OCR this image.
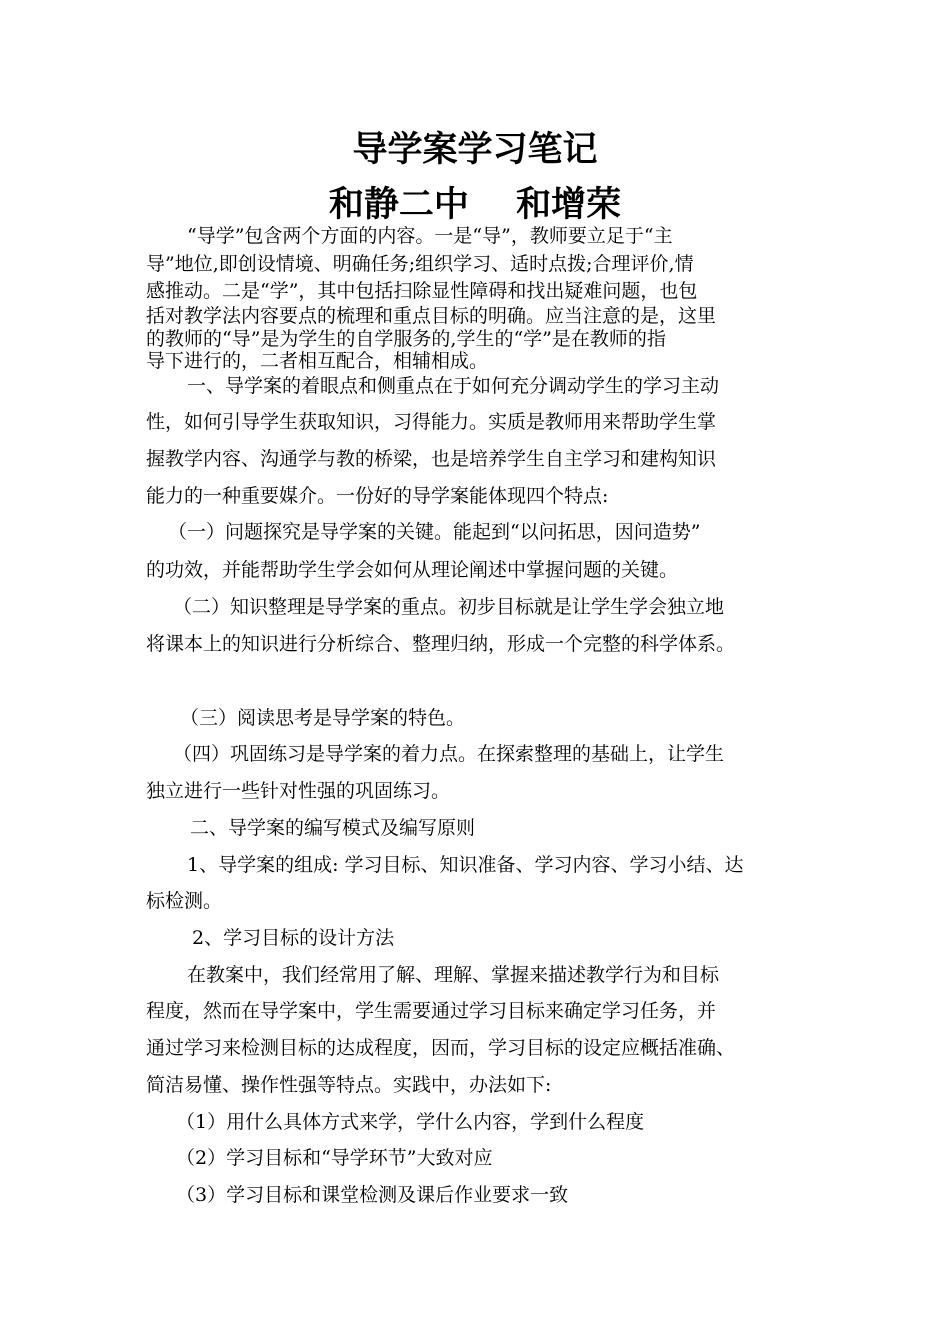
导学案学习笔记
和静二中　 和增荣

“导学”包含两个方面的内容。一是“导”，教师要立足于“主

导”地位,即创设情境、明确任务;组织学习、适时点拨;合理评价,情

感推动。二是“学”，其中包括扫除显性障碍和找出疑难问题，也包

括对教学法内容要点的梳理和重点目标的明确。应当注意的是，这里

的教师的“导”是为学生的自学服务的,学生的“学”是在教师的指

导下进行的，二者相互配合，相辅相成。

一、导学案的着眼点和侧重点在于如何充分调动学生的学习主动

性，如何引导学生获取知识，习得能力。实质是教师用来帮助学生掌

握教学内容、沟通学与教的桥梁，也是培养学生自主学习和建构知识

能力的一种重要媒介。一份好的导学案能体现四个特点:

（一）问题探究是导学案的关键。能起到“以问拓思，因问造势”

的功效，并能帮助学生学会如何从理论阐述中掌握问题的关键。

（二）知识整理是导学案的重点。初步目标就是让学生学会独立地

将课本上的知识进行分析综合、整理归纳，形成一个完整的科学体系。

（三）阅读思考是导学案的特色。

（四）巩固练习是导学案的着力点。在探索整理的基础上，让学生

独立进行一些针对性强的巩固练习。

二、导学案的编写模式及编写原则

1、导学案的组成: 学习目标、知识准备、学习内容、学习小结、达

标检测。

2、学习目标的设计方法

在教案中，我们经常用了解、理解、掌握来描述教学行为和目标

程度，然而在导学案中，学生需要通过学习目标来确定学习任务，并

通过学习来检测目标的达成程度，因而，学习目标的设定应概括准确、

简洁易懂、操作性强等特点。实践中，办法如下:

（1）用什么具体方式来学，学什么内容，学到什么程度

（2）学习目标和“导学环节”大致对应

（3）学习目标和课堂检测及课后作业要求一致
